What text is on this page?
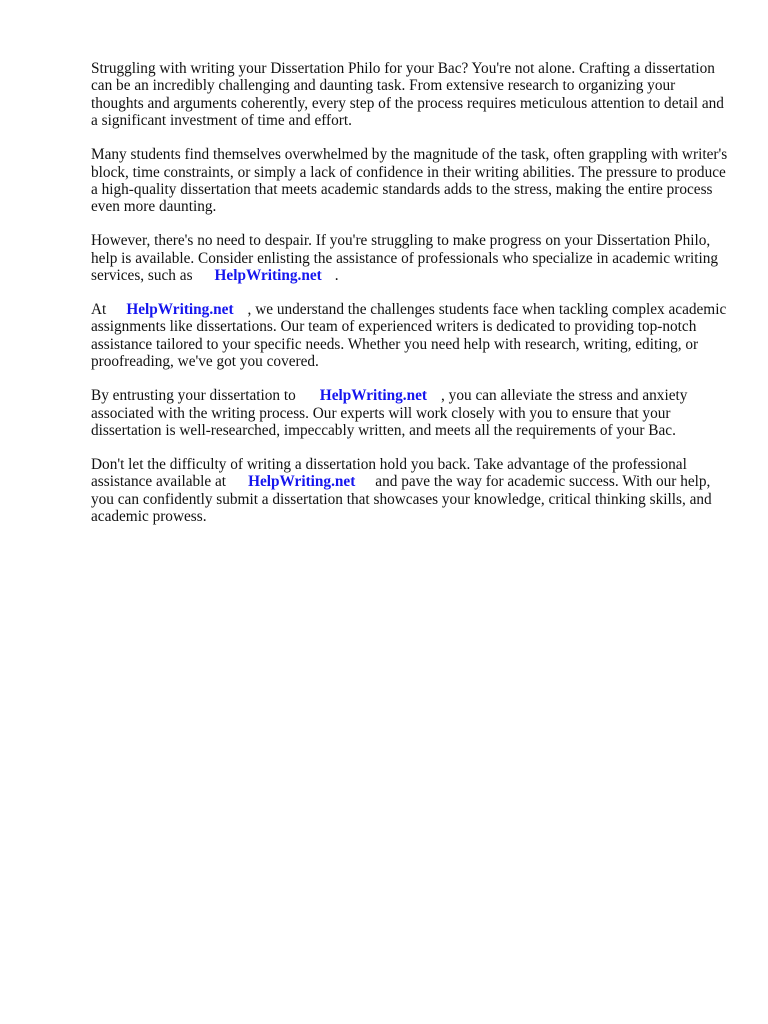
Struggling with writing your Dissertation Philo for your Bac? You're not alone. Crafting a dissertation can be an incredibly challenging and daunting task. From extensive research to organizing your thoughts and arguments coherently, every step of the process requires meticulous attention to detail and a significant investment of time and effort.

Many students find themselves overwhelmed by the magnitude of the task, often grappling with writer's block, time constraints, or simply a lack of confidence in their writing abilities. The pressure to produce a high-quality dissertation that meets academic standards adds to the stress, making the entire process even more daunting.

However, there's no need to despair. If you're struggling to make progress on your Dissertation Philo, help is available. Consider enlisting the assistance of professionals who specialize in academic writing services, such as HelpWriting.net .

At HelpWriting.net , we understand the challenges students face when tackling complex academic assignments like dissertations. Our team of experienced writers is dedicated to providing top-notch assistance tailored to your specific needs. Whether you need help with research, writing, editing, or proofreading, we've got you covered.

By entrusting your dissertation to HelpWriting.net , you can alleviate the stress and anxiety associated with the writing process. Our experts will work closely with you to ensure that your dissertation is well-researched, impeccably written, and meets all the requirements of your Bac.

Don't let the difficulty of writing a dissertation hold you back. Take advantage of the professional assistance available at HelpWriting.net and pave the way for academic success. With our help, you can confidently submit a dissertation that showcases your knowledge, critical thinking skills, and academic prowess.
